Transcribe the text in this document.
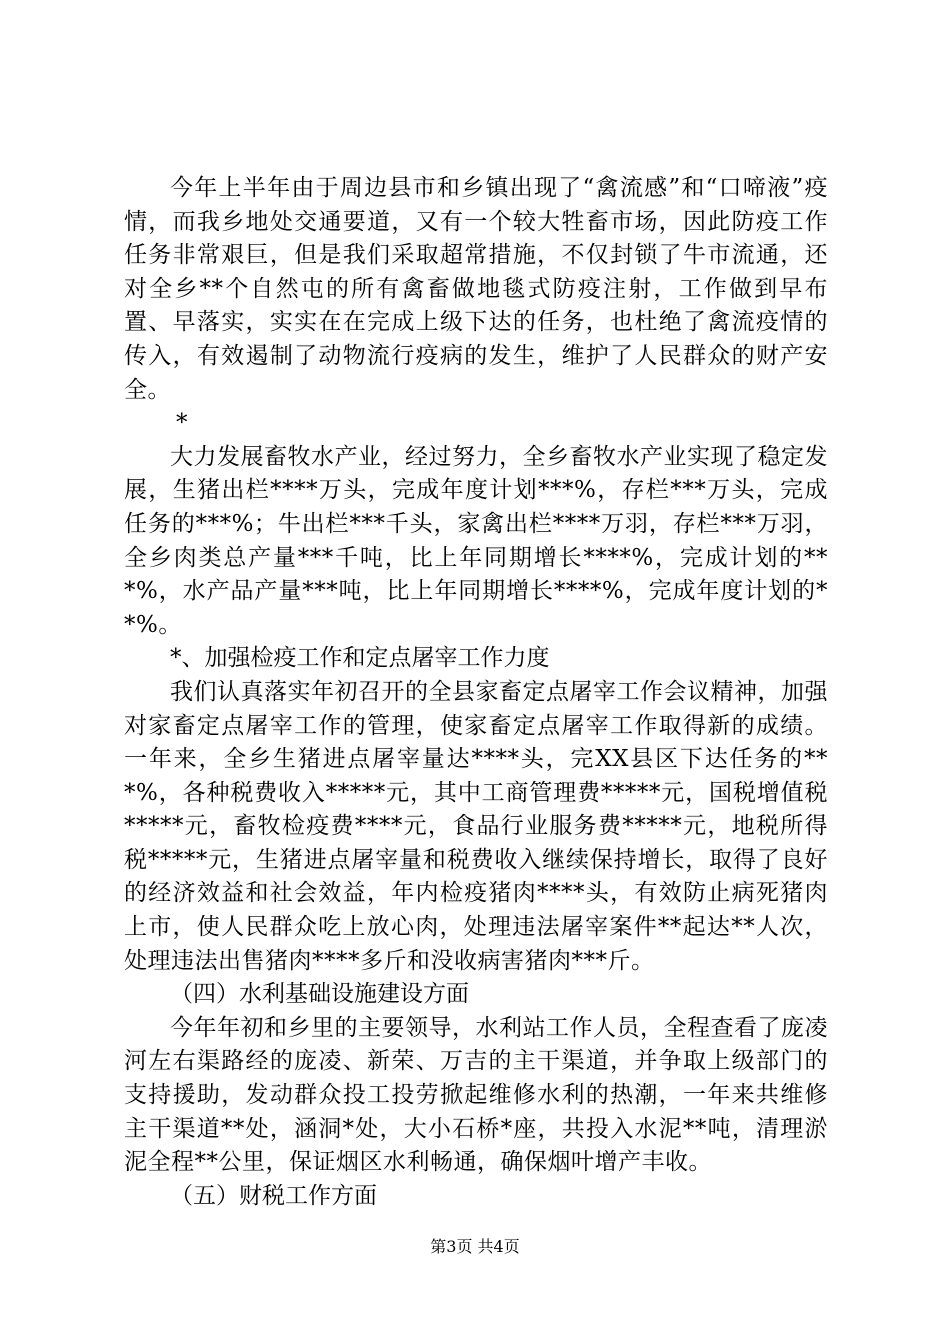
今年上半年由于周边县市和乡镇出现了“禽流感”和“口啼液”疫情，而我乡地处交通要道，又有一个较大牲畜市场，因此防疫工作任务非常艰巨，但是我们采取超常措施，不仅封锁了牛市流通，还对全乡**个自然屯的所有禽畜做地毯式防疫注射，工作做到早布置、早落实，实实在在完成上级下达的任务，也杜绝了禽流疫情的传入，有效遏制了动物流行疫病的发生，维护了人民群众的财产安全。

*

大力发展畜牧水产业，经过努力，全乡畜牧水产业实现了稳定发展，生猪出栏****万头，完成年度计划***%，存栏***万头，完成任务的***%；牛出栏***千头，家禽出栏****万羽，存栏***万羽，全乡肉类总产量***千吨，比上年同期增长****%，完成计划的***%，水产品产量***吨，比上年同期增长****%，完成年度计划的**%。

*、加强检疫工作和定点屠宰工作力度

我们认真落实年初召开的全县家畜定点屠宰工作会议精神，加强对家畜定点屠宰工作的管理，使家畜定点屠宰工作取得新的成绩。一年来，全乡生猪进点屠宰量达****头，完XX县区下达任务的***%，各种税费收入*****元，其中工商管理费*****元，国税增值税*****元，畜牧检疫费****元，食品行业服务费*****元，地税所得税*****元，生猪进点屠宰量和税费收入继续保持增长，取得了良好的经济效益和社会效益，年内检疫猪肉****头，有效防止病死猪肉上市，使人民群众吃上放心肉，处理违法屠宰案件**起达**人次，处理违法出售猪肉****多斤和没收病害猪肉***斤。

（四）水利基础设施建设方面

今年年初和乡里的主要领导，水利站工作人员，全程查看了庞凌河左右渠路经的庞凌、新荣、万吉的主干渠道，并争取上级部门的支持援助，发动群众投工投劳掀起维修水利的热潮，一年来共维修主干渠道**处，涵洞*处，大小石桥*座，共投入水泥**吨，清理淤泥全程**公里，保证烟区水利畅通，确保烟叶增产丰收。

（五）财税工作方面

第3页 共4页
